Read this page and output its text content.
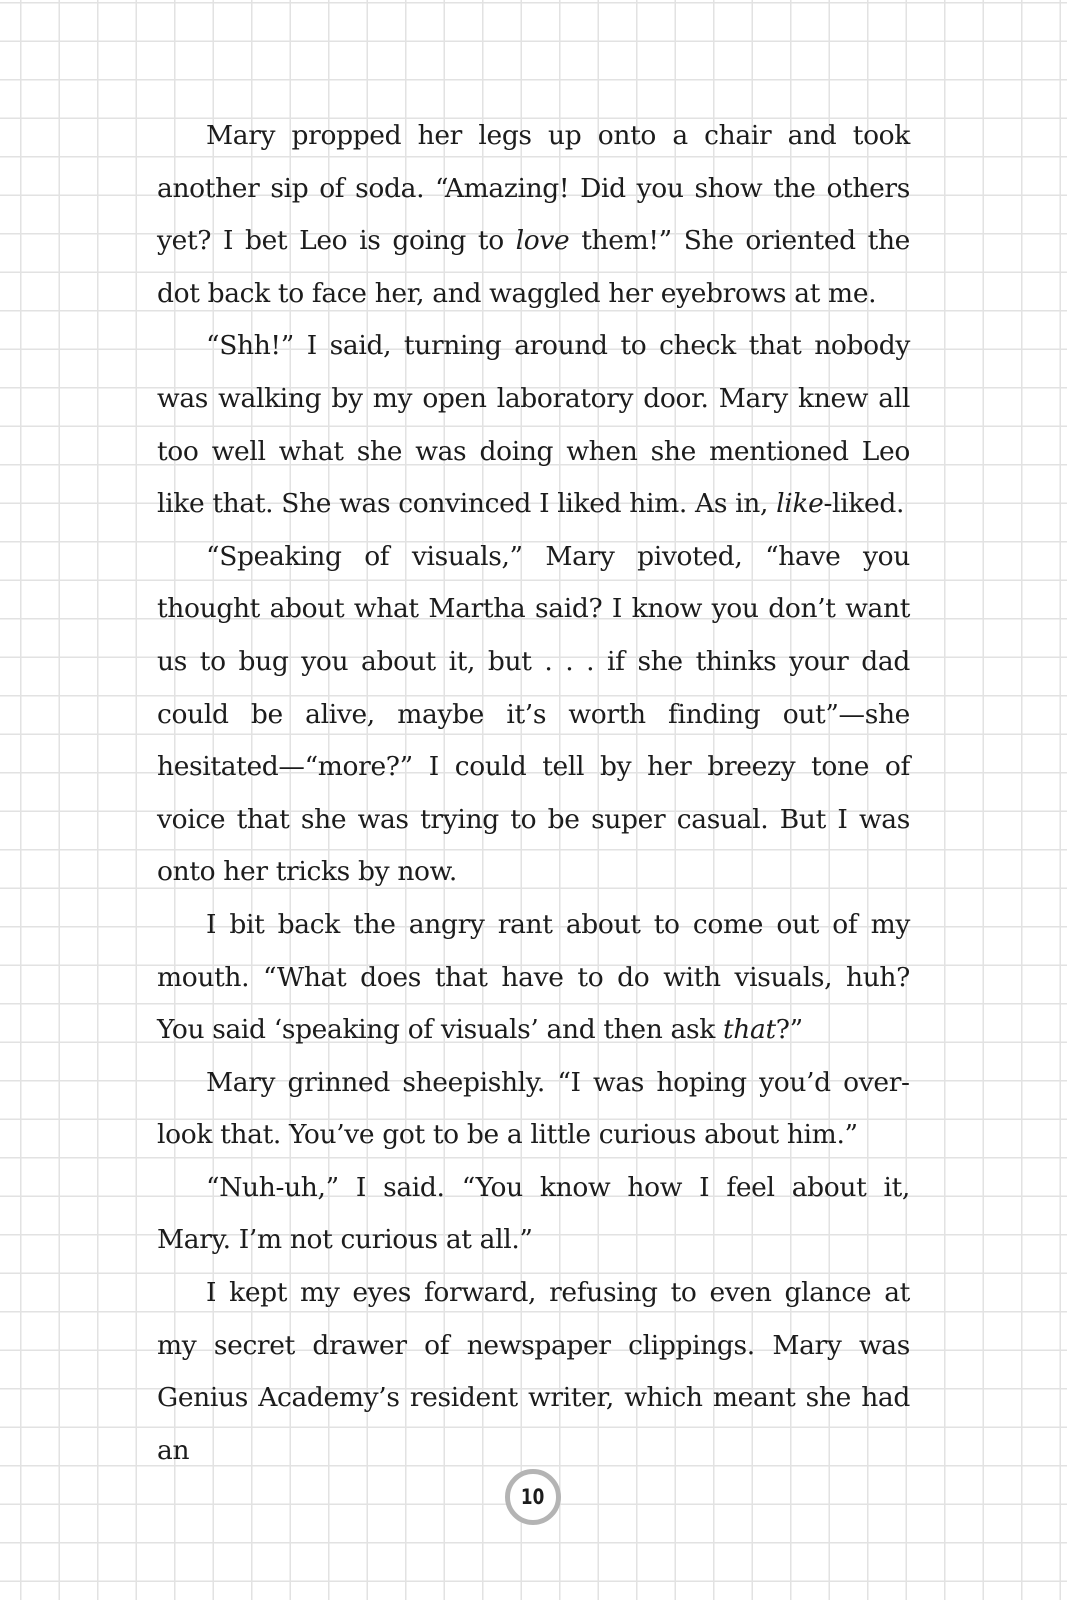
Mary propped her legs up onto a chair and took another sip of soda. “Amazing! Did you show the others yet? I bet Leo is going to love them!” She oriented the dot back to face her, and waggled her eyebrows at me.

“Shh!” I said, turning around to check that nobody was walking by my open laboratory door. Mary knew all too well what she was doing when she mentioned Leo like that. She was convinced I liked him. As in, like-liked.

“Speaking of visuals,” Mary pivoted, “have you thought about what Martha said? I know you don’t want us to bug you about it, but . . . if she thinks your dad could be alive, maybe it’s worth finding out”—she hesitated—“more?” I could tell by her breezy tone of voice that she was trying to be super casual. But I was onto her tricks by now.

I bit back the angry rant about to come out of my mouth. “What does that have to do with visuals, huh? You said ‘speaking of visuals’ and then ask that?”

Mary grinned sheepishly. “I was hoping you’d overlook that. You’ve got to be a little curious about him.”

“Nuh-uh,” I said. “You know how I feel about it, Mary. I’m not curious at all.”

I kept my eyes forward, refusing to even glance at my secret drawer of newspaper clippings. Mary was Genius Academy’s resident writer, which meant she had an

10
